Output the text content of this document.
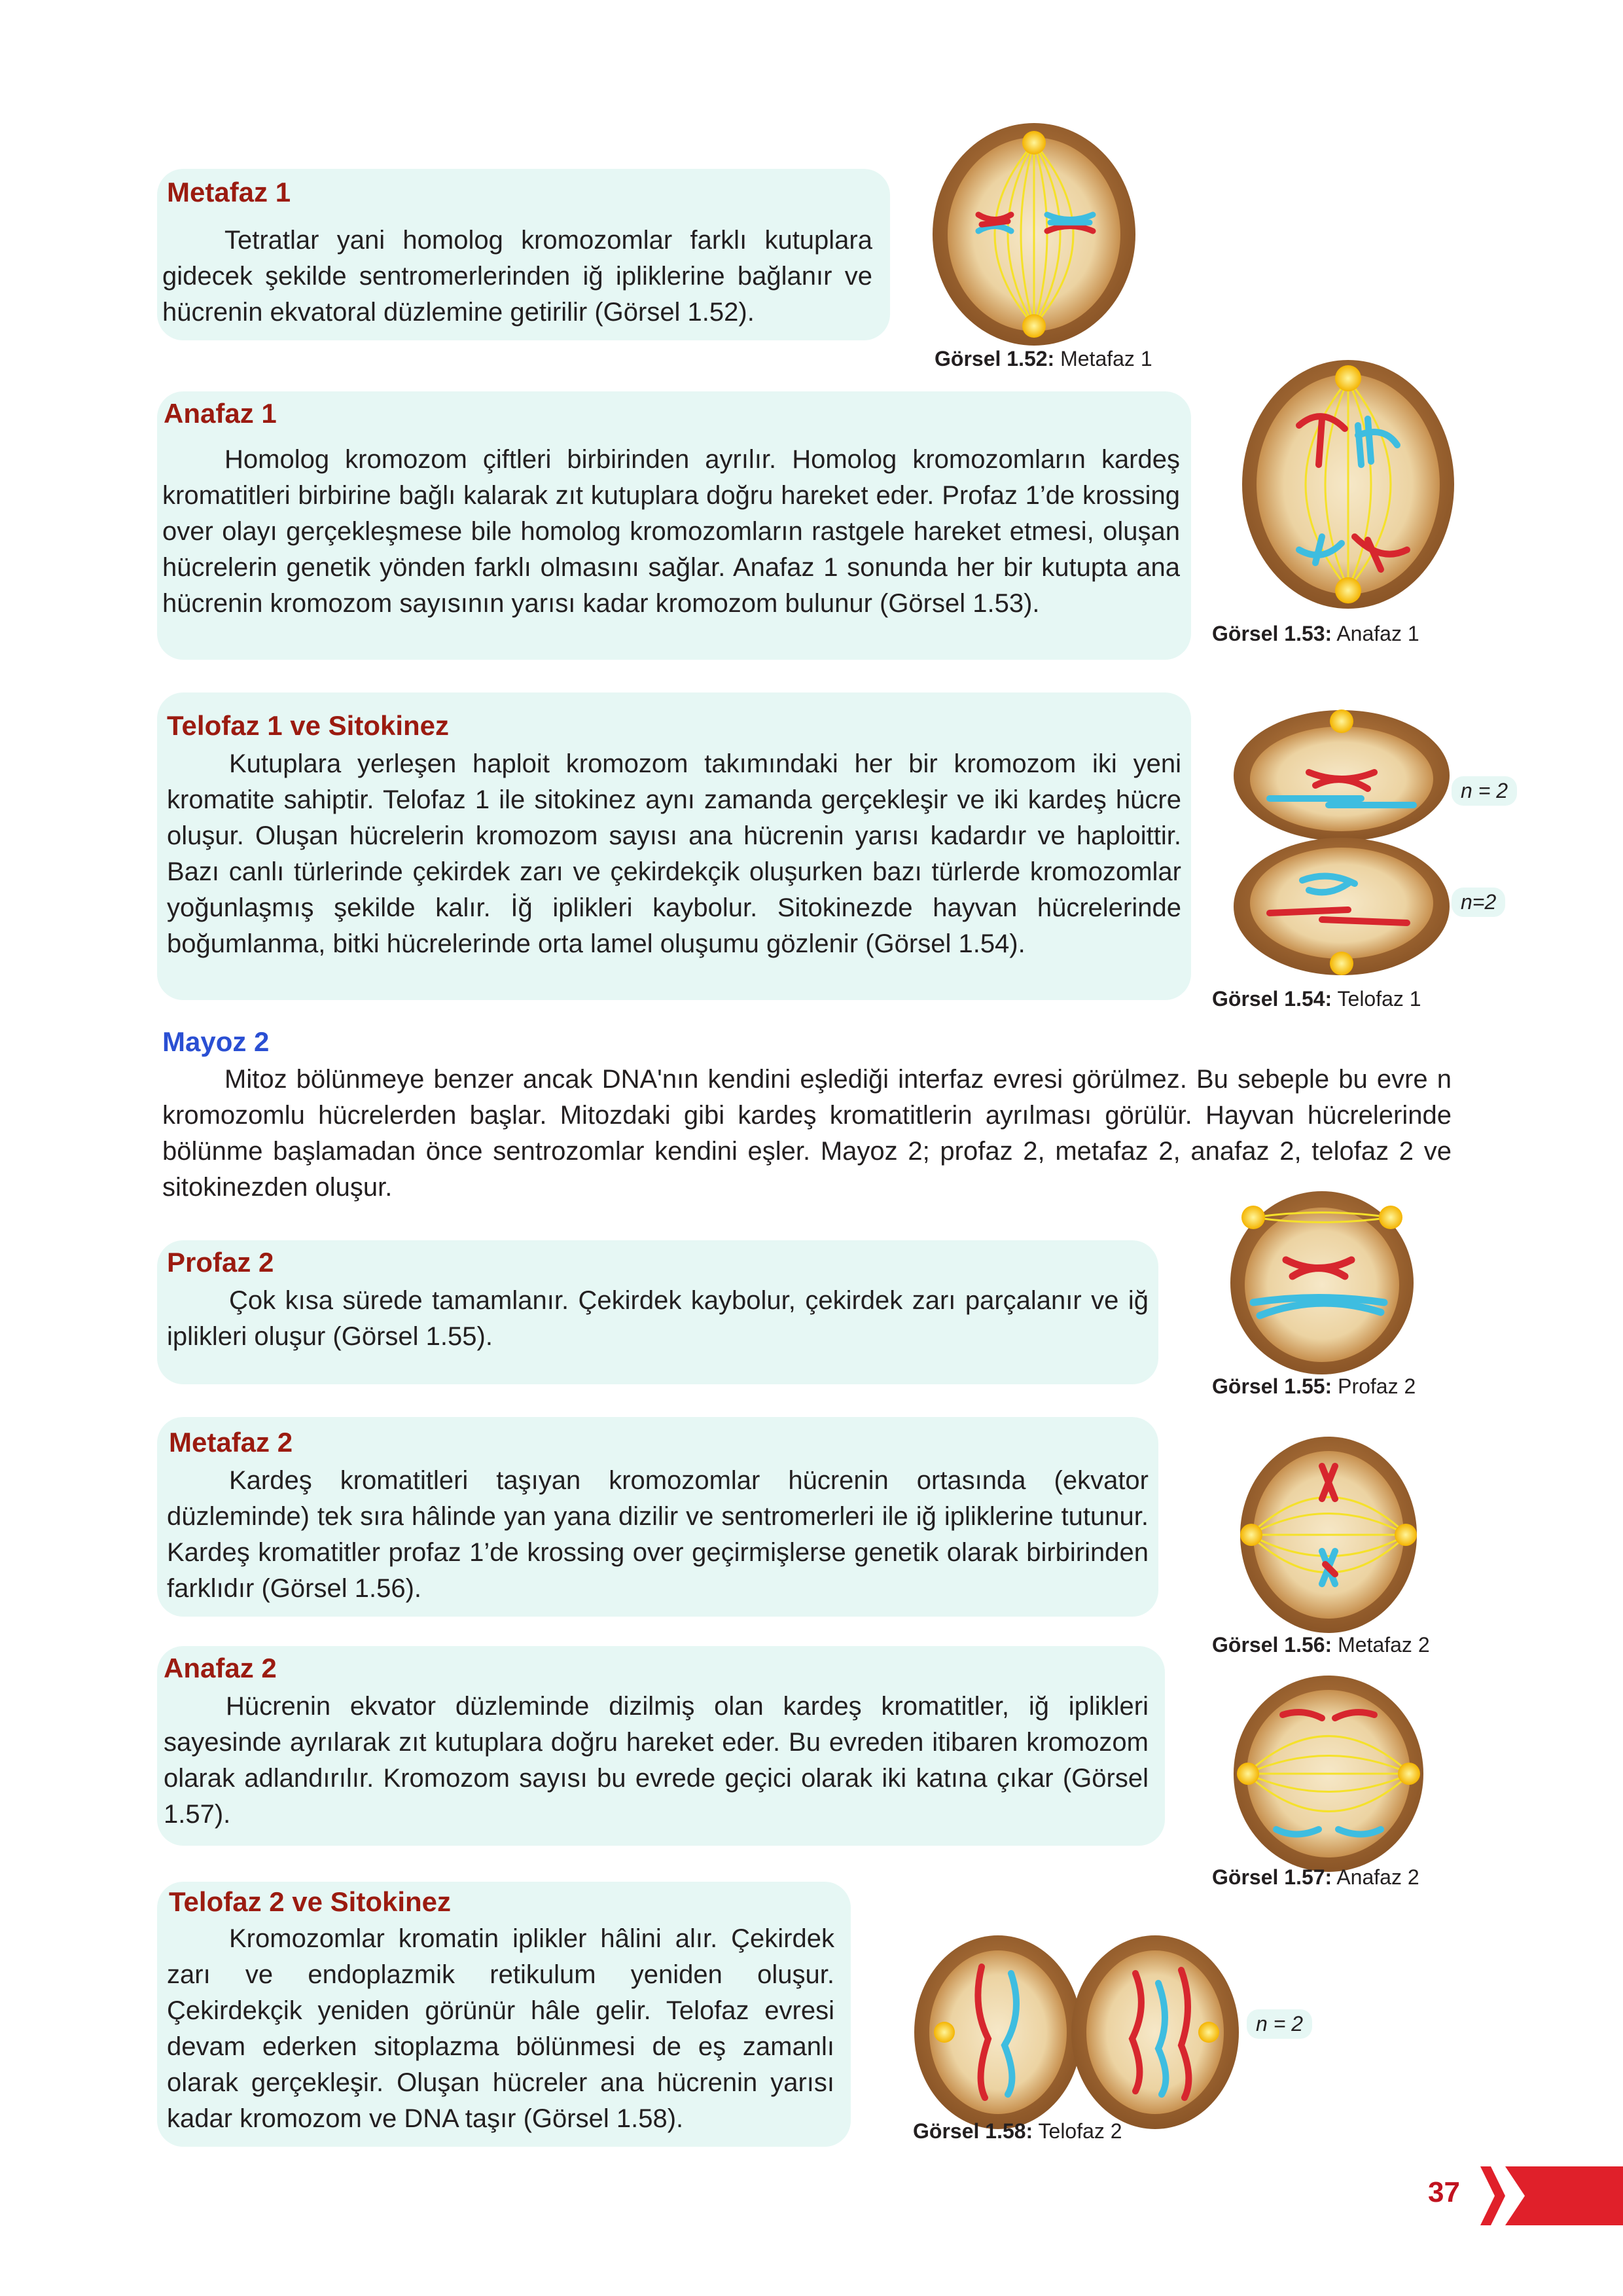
Metafaz 1
Tetratlar yani homolog kromozomlar farklı kutuplara gidecek şekilde sentromerlerinden iğ ipliklerine bağlanır ve hücrenin ekvatoral düzlemine getirilir (Görsel 1.52).
Görsel 1.52: Metafaz 1
Anafaz 1
Homolog kromozom çiftleri birbirinden ayrılır. Homolog kromozomların kardeş kromatitleri birbirine bağlı kalarak zıt kutuplara doğru hareket eder. Profaz 1’de krossing over olayı gerçekleşmese bile homolog kromozomların rastgele hareket etmesi, oluşan hücrelerin genetik yönden farklı olmasını sağlar. Anafaz 1 sonunda her bir kutupta ana hücrenin kromozom sayısının yarısı kadar kromozom bulunur (Görsel 1.53).
Görsel 1.53: Anafaz 1
Telofaz 1 ve Sitokinez
Kutuplara yerleşen haploit kromozom takımındaki her bir kromozom iki yeni kromatite sahiptir. Telofaz 1 ile sitokinez aynı zamanda gerçekleşir ve iki kardeş hücre oluşur. Oluşan hücrelerin kromozom sayısı ana hücrenin yarısı kadardır ve haploittir. Bazı canlı türlerinde çekirdek zarı ve çekirdekçik oluşurken bazı türlerde kromozomlar yoğunlaşmış şekilde kalır. İğ iplikleri kaybolur. Sitokinezde hayvan hücrelerinde boğumlanma, bitki hücrelerinde orta lamel oluşumu gözlenir (Görsel 1.54).
n = 2
n=2
Görsel 1.54: Telofaz 1
Mayoz 2
Mitoz bölünmeye benzer ancak DNA'nın kendini eşlediği interfaz evresi görülmez. Bu sebeple bu evre n kromozomlu hücrelerden başlar. Mitozdaki gibi kardeş kromatitlerin ayrılması görülür. Hayvan hücrelerinde bölünme başlamadan önce sentrozomlar kendini eşler. Mayoz 2; profaz 2, metafaz 2, anafaz 2, telofaz 2 ve sitokinezden oluşur.
Profaz 2
Çok kısa sürede tamamlanır. Çekirdek kaybolur, çekirdek zarı parçalanır ve iğ iplikleri oluşur (Görsel 1.55).
Görsel 1.55: Profaz 2
Metafaz 2
Kardeş kromatitleri taşıyan kromozomlar hücrenin ortasında (ekvator düzleminde) tek sıra hâlinde yan yana dizilir ve sentromerleri ile iğ ipliklerine tutunur. Kardeş kromatitler profaz 1’de krossing over geçirmişlerse genetik olarak birbirinden farklıdır (Görsel 1.56).
Görsel 1.56: Metafaz 2
Anafaz 2
Hücrenin ekvator düzleminde dizilmiş olan kardeş kromatitler, iğ iplikleri sayesinde ayrılarak zıt kutuplara doğru hareket eder. Bu evreden itibaren kromozom olarak adlandırılır. Kromozom sayısı bu evrede geçici olarak iki katına çıkar (Görsel 1.57).
Görsel 1.57: Anafaz 2
Telofaz 2 ve Sitokinez
Kromozomlar kromatin iplikler hâlini alır. Çekirdek zarı ve endoplazmik retikulum yeniden oluşur. Çekirdekçik yeniden görünür hâle gelir. Telofaz evresi devam ederken sitoplazma bölünmesi de eş zamanlı olarak gerçekleşir. Oluşan hücreler ana hücrenin yarısı kadar kromozom ve DNA taşır (Görsel 1.58).
n = 2
Görsel 1.58: Telofaz 2
37
